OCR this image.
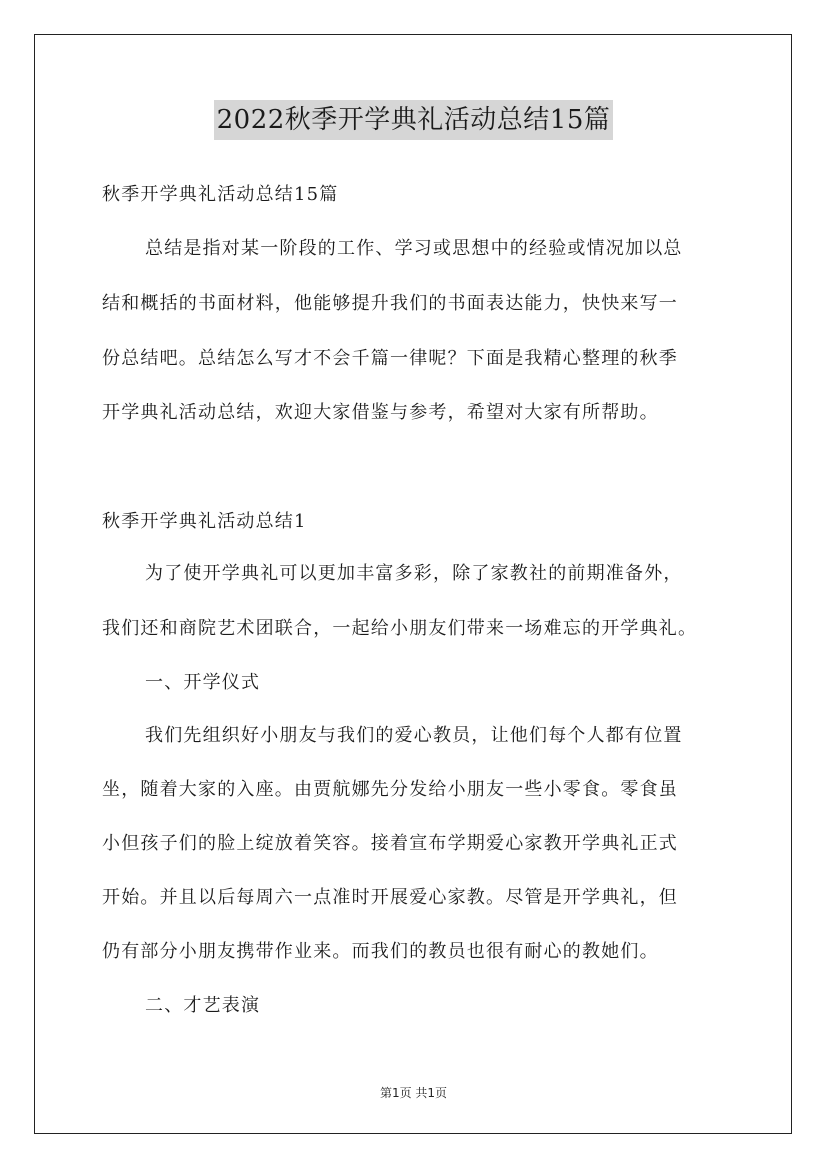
2022秋季开学典礼活动总结15篇
秋季开学典礼活动总结15篇
总结是指对某一阶段的工作、学习或思想中的经验或情况加以总
结和概括的书面材料，他能够提升我们的书面表达能力，快快来写一
份总结吧。总结怎么写才不会千篇一律呢？下面是我精心整理的秋季
开学典礼活动总结，欢迎大家借鉴与参考，希望对大家有所帮助。
秋季开学典礼活动总结1
为了使开学典礼可以更加丰富多彩，除了家教社的前期准备外，
我们还和商院艺术团联合，一起给小朋友们带来一场难忘的开学典礼。
一、开学仪式
我们先组织好小朋友与我们的爱心教员，让他们每个人都有位置
坐，随着大家的入座。由贾航娜先分发给小朋友一些小零食。零食虽
小但孩子们的脸上绽放着笑容。接着宣布学期爱心家教开学典礼正式
开始。并且以后每周六一点准时开展爱心家教。尽管是开学典礼，但
仍有部分小朋友携带作业来。而我们的教员也很有耐心的教她们。
二、才艺表演
第1页 共1页
